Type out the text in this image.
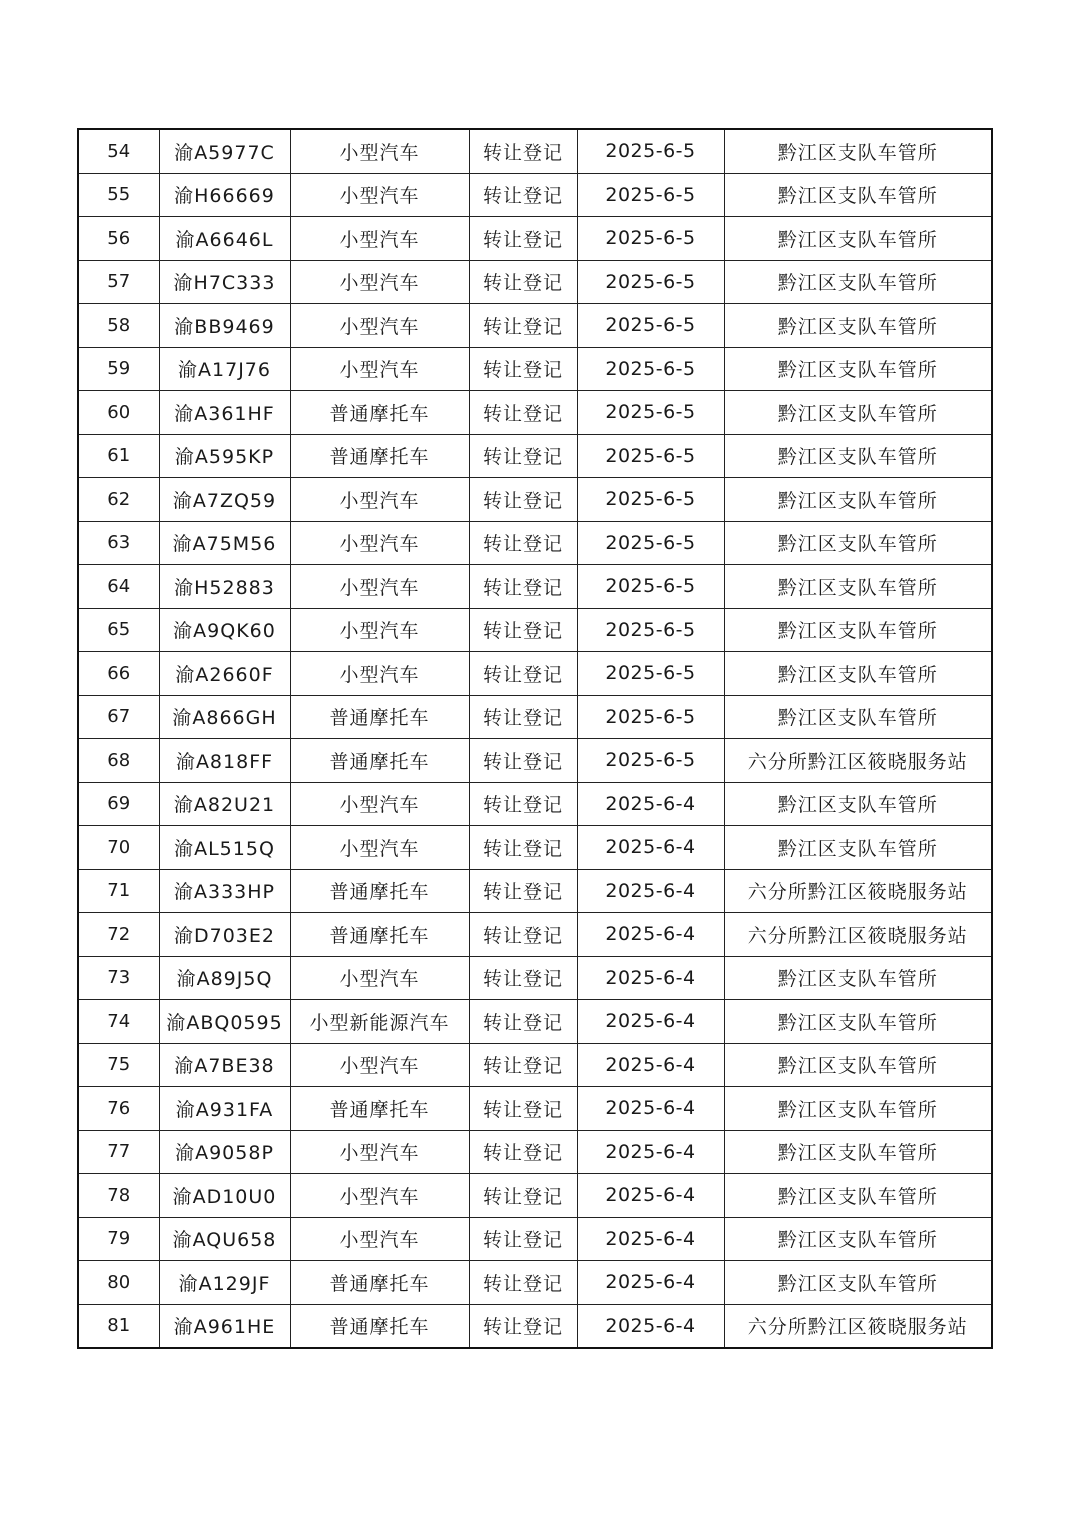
54	渝A5977C	小型汽车	转让登记	2025-6-5	黔江区支队车管所
55	渝H66669	小型汽车	转让登记	2025-6-5	黔江区支队车管所
56	渝A6646L	小型汽车	转让登记	2025-6-5	黔江区支队车管所
57	渝H7C333	小型汽车	转让登记	2025-6-5	黔江区支队车管所
58	渝BB9469	小型汽车	转让登记	2025-6-5	黔江区支队车管所
59	渝A17J76	小型汽车	转让登记	2025-6-5	黔江区支队车管所
60	渝A361HF	普通摩托车	转让登记	2025-6-5	黔江区支队车管所
61	渝A595KP	普通摩托车	转让登记	2025-6-5	黔江区支队车管所
62	渝A7ZQ59	小型汽车	转让登记	2025-6-5	黔江区支队车管所
63	渝A75M56	小型汽车	转让登记	2025-6-5	黔江区支队车管所
64	渝H52883	小型汽车	转让登记	2025-6-5	黔江区支队车管所
65	渝A9QK60	小型汽车	转让登记	2025-6-5	黔江区支队车管所
66	渝A2660F	小型汽车	转让登记	2025-6-5	黔江区支队车管所
67	渝A866GH	普通摩托车	转让登记	2025-6-5	黔江区支队车管所
68	渝A818FF	普通摩托车	转让登记	2025-6-5	六分所黔江区筱晓服务站
69	渝A82U21	小型汽车	转让登记	2025-6-4	黔江区支队车管所
70	渝AL515Q	小型汽车	转让登记	2025-6-4	黔江区支队车管所
71	渝A333HP	普通摩托车	转让登记	2025-6-4	六分所黔江区筱晓服务站
72	渝D703E2	普通摩托车	转让登记	2025-6-4	六分所黔江区筱晓服务站
73	渝A89J5Q	小型汽车	转让登记	2025-6-4	黔江区支队车管所
74	渝ABQ0595	小型新能源汽车	转让登记	2025-6-4	黔江区支队车管所
75	渝A7BE38	小型汽车	转让登记	2025-6-4	黔江区支队车管所
76	渝A931FA	普通摩托车	转让登记	2025-6-4	黔江区支队车管所
77	渝A9058P	小型汽车	转让登记	2025-6-4	黔江区支队车管所
78	渝AD10U0	小型汽车	转让登记	2025-6-4	黔江区支队车管所
79	渝AQU658	小型汽车	转让登记	2025-6-4	黔江区支队车管所
80	渝A129JF	普通摩托车	转让登记	2025-6-4	黔江区支队车管所
81	渝A961HE	普通摩托车	转让登记	2025-6-4	六分所黔江区筱晓服务站
